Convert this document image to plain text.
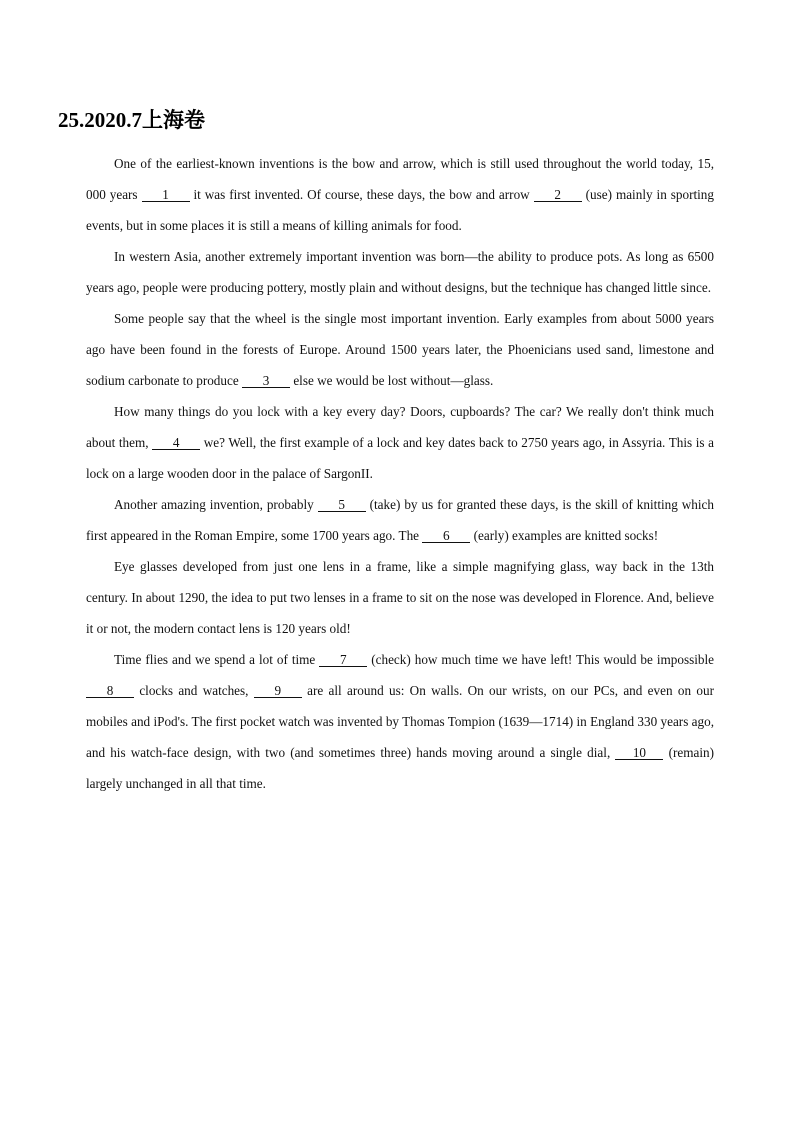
25.2020.7上海卷

One of the earliest-known inventions is the bow and arrow, which is still used throughout the world today, 15, 000 years 1 it was first invented. Of course, these days, the bow and arrow 2 (use) mainly in sporting events, but in some places it is still a means of killing animals for food.

In western Asia, another extremely important invention was born—the ability to produce pots. As long as 6500 years ago, people were producing pottery, mostly plain and without designs, but the technique has changed little since.

Some people say that the wheel is the single most important invention. Early examples from about 5000 years ago have been found in the forests of Europe. Around 1500 years later, the Phoenicians used sand, limestone and sodium carbonate to produce 3 else we would be lost without—glass.

How many things do you lock with a key every day? Doors, cupboards? The car? We really don't think much about them, 4 we? Well, the first example of a lock and key dates back to 2750 years ago, in Assyria. This is a lock on a large wooden door in the palace of SargonII.

Another amazing invention, probably 5 (take) by us for granted these days, is the skill of knitting which first appeared in the Roman Empire, some 1700 years ago. The 6 (early) examples are knitted socks!

Eye glasses developed from just one lens in a frame, like a simple magnifying glass, way back in the 13th century. In about 1290, the idea to put two lenses in a frame to sit on the nose was developed in Florence. And, believe it or not, the modern contact lens is 120 years old!

Time flies and we spend a lot of time 7 (check) how much time we have left! This would be impossible 8 clocks and watches, 9 are all around us: On walls. On our wrists, on our PCs, and even on our mobiles and iPod's. The first pocket watch was invented by Thomas Tompion (1639—1714) in England 330 years ago, and his watch-face design, with two (and sometimes three) hands moving around a single dial, 10 (remain) largely unchanged in all that time.
